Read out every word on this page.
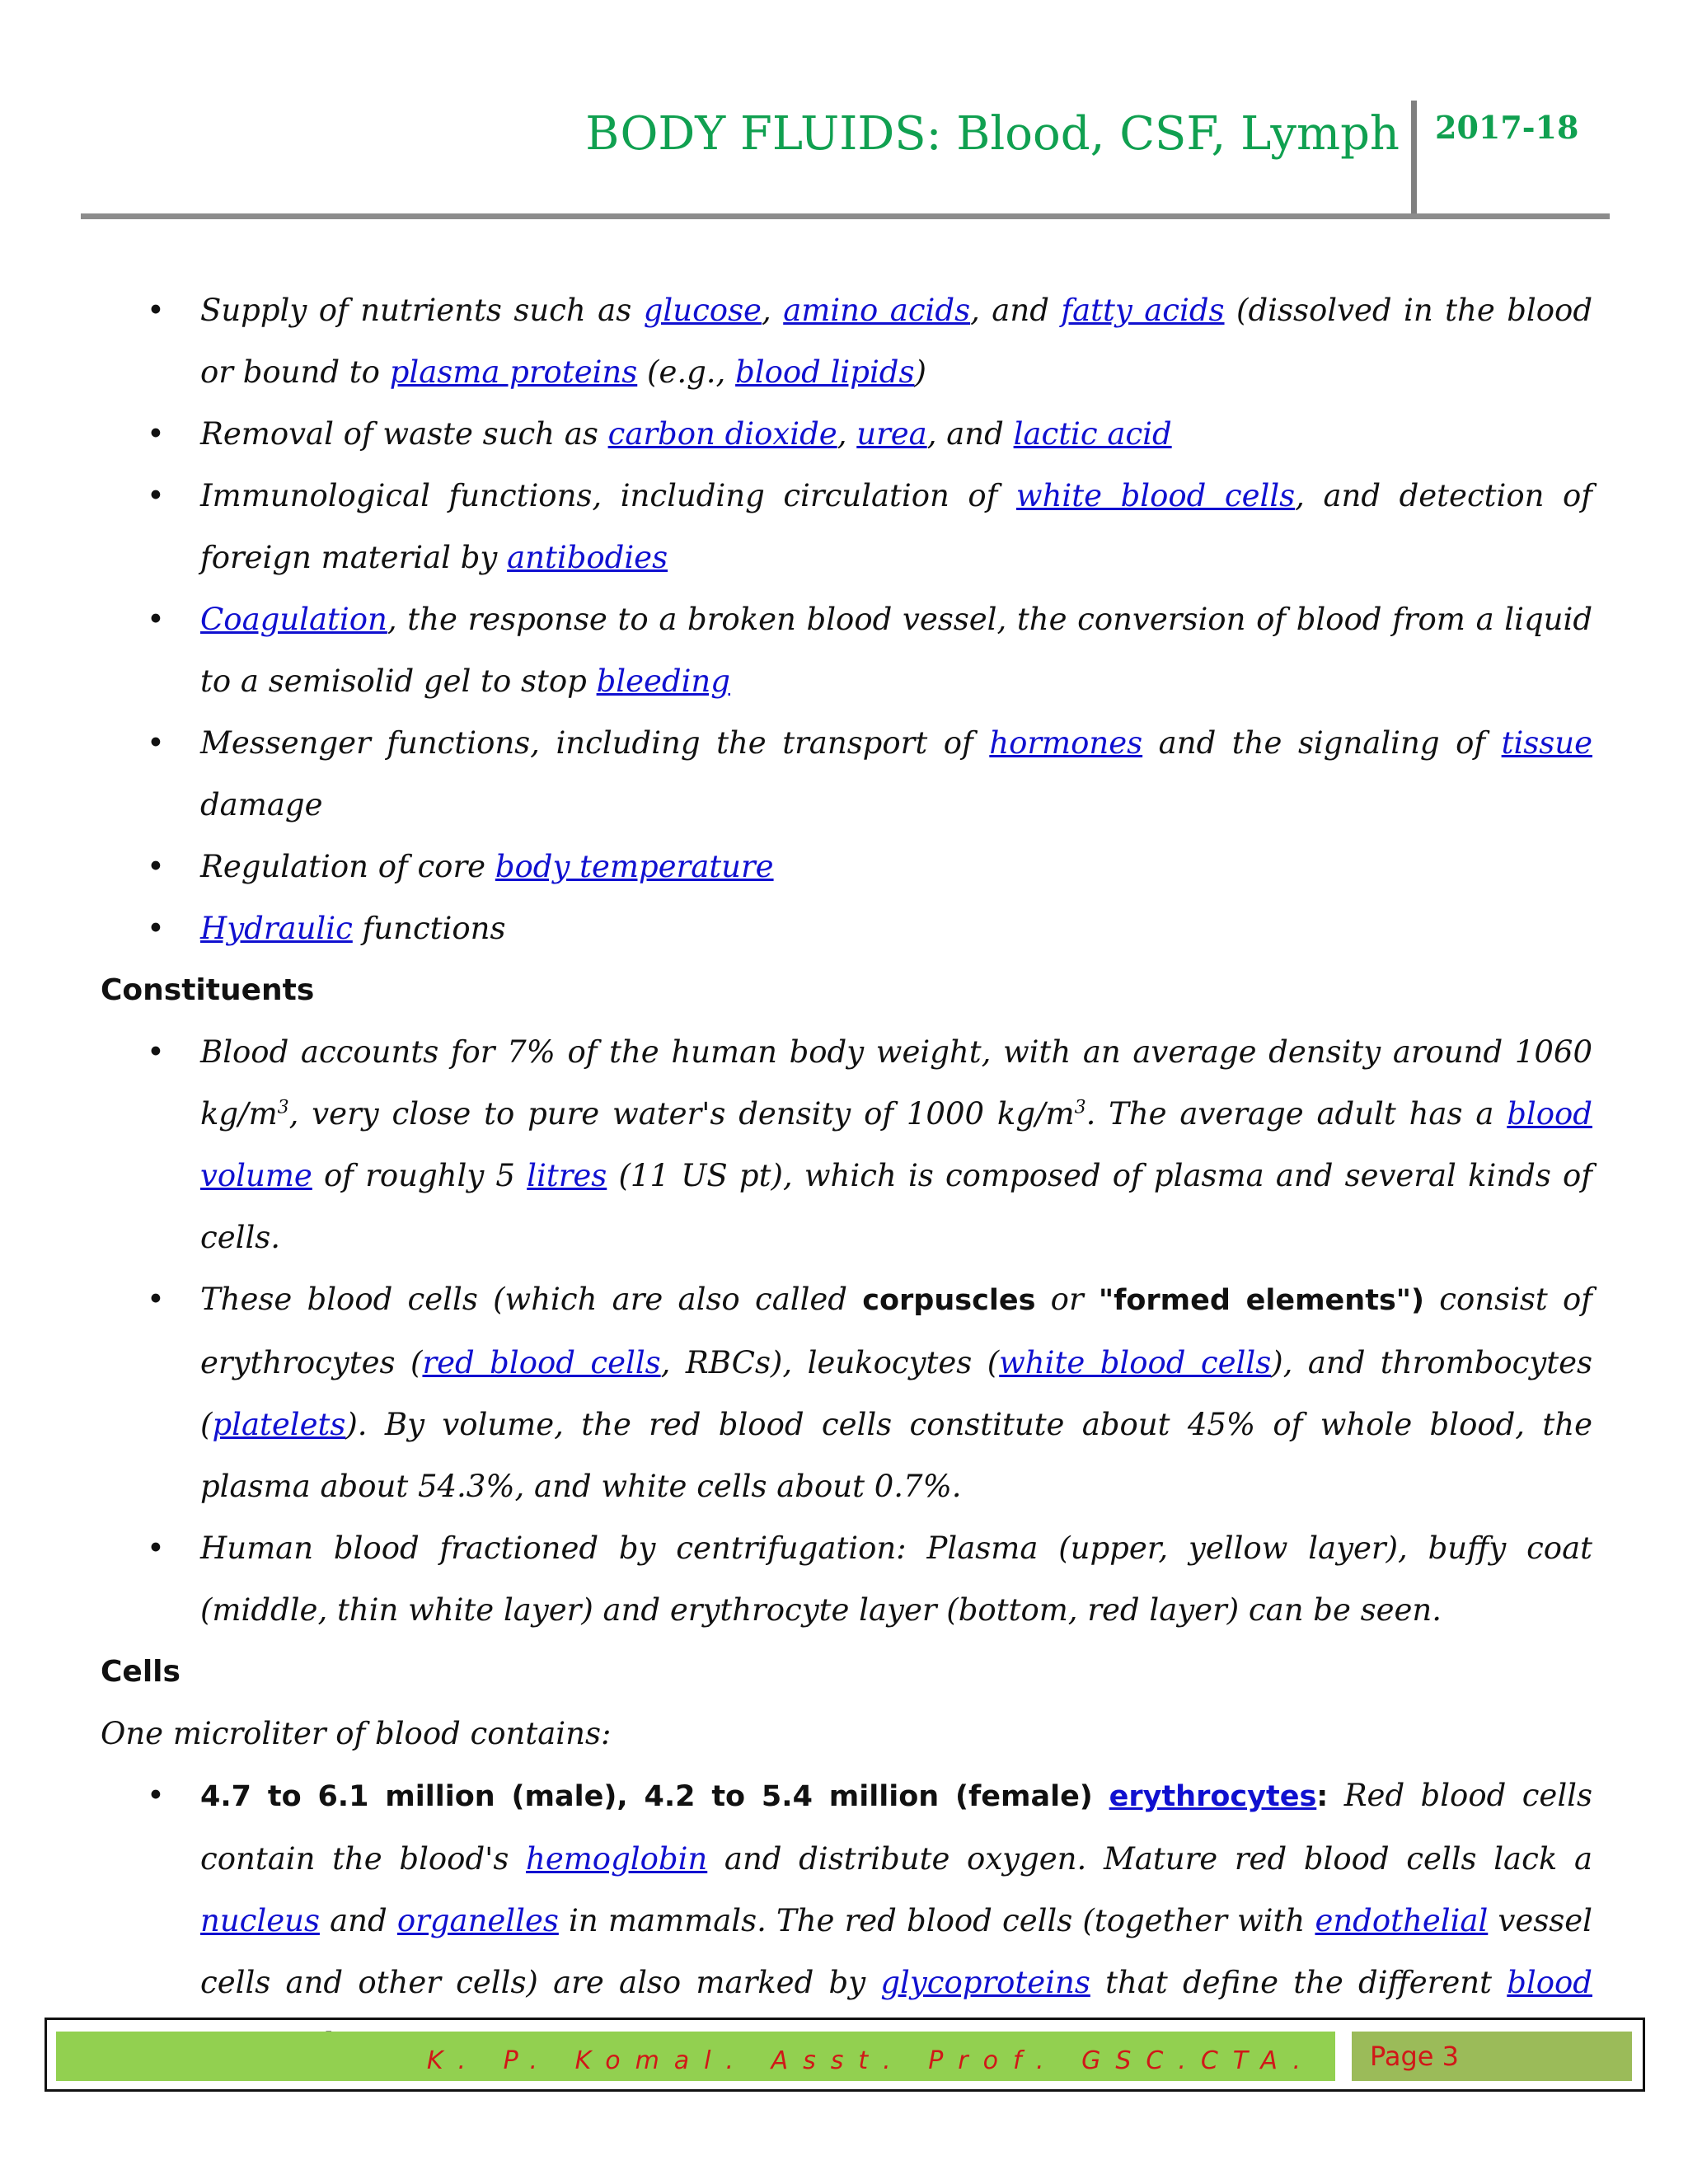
BODY FLUIDS: Blood, CSF, Lymph 2017-18
• Supply of nutrients such as glucose, amino acids, and fatty acids (dissolved in the blood or bound to plasma proteins (e.g., blood lipids)
• Removal of waste such as carbon dioxide, urea, and lactic acid
• Immunological functions, including circulation of white blood cells, and detection of foreign material by antibodies
• Coagulation, the response to a broken blood vessel, the conversion of blood from a liquid to a semisolid gel to stop bleeding
• Messenger functions, including the transport of hormones and the signaling of tissue damage
• Regulation of core body temperature
• Hydraulic functions
Constituents
• Blood accounts for 7% of the human body weight, with an average density around 1060 $kg/m^3$, very close to pure water's density of 1000 $kg/m^3$. The average adult has a blood volume of roughly 5 litres (11 US pt), which is composed of plasma and several kinds of cells.
• These blood cells (which are also called corpuscles or "formed elements") consist of erythrocytes (red blood cells, RBCs), leukocytes (white blood cells), and thrombocytes (platelets). By volume, the red blood cells constitute about 45% of whole blood, the plasma about 54.3%, and white cells about 0.7%.
• Human blood fractioned by centrifugation: Plasma (upper, yellow layer), buffy coat (middle, thin white layer) and erythrocyte layer (bottom, red layer) can be seen.
Cells
One microliter of blood contains:
• 4.7 to 6.1 million (male), 4.2 to 5.4 million (female) erythrocytes: Red blood cells contain the blood's hemoglobin and distribute oxygen. Mature red blood cells lack a nucleus and organelles in mammals. The red blood cells (together with endothelial vessel cells and other cells) are also marked by glycoproteins that define the different blood
K. P. Komal. Asst. Prof. GSC.CTA. Page 3
